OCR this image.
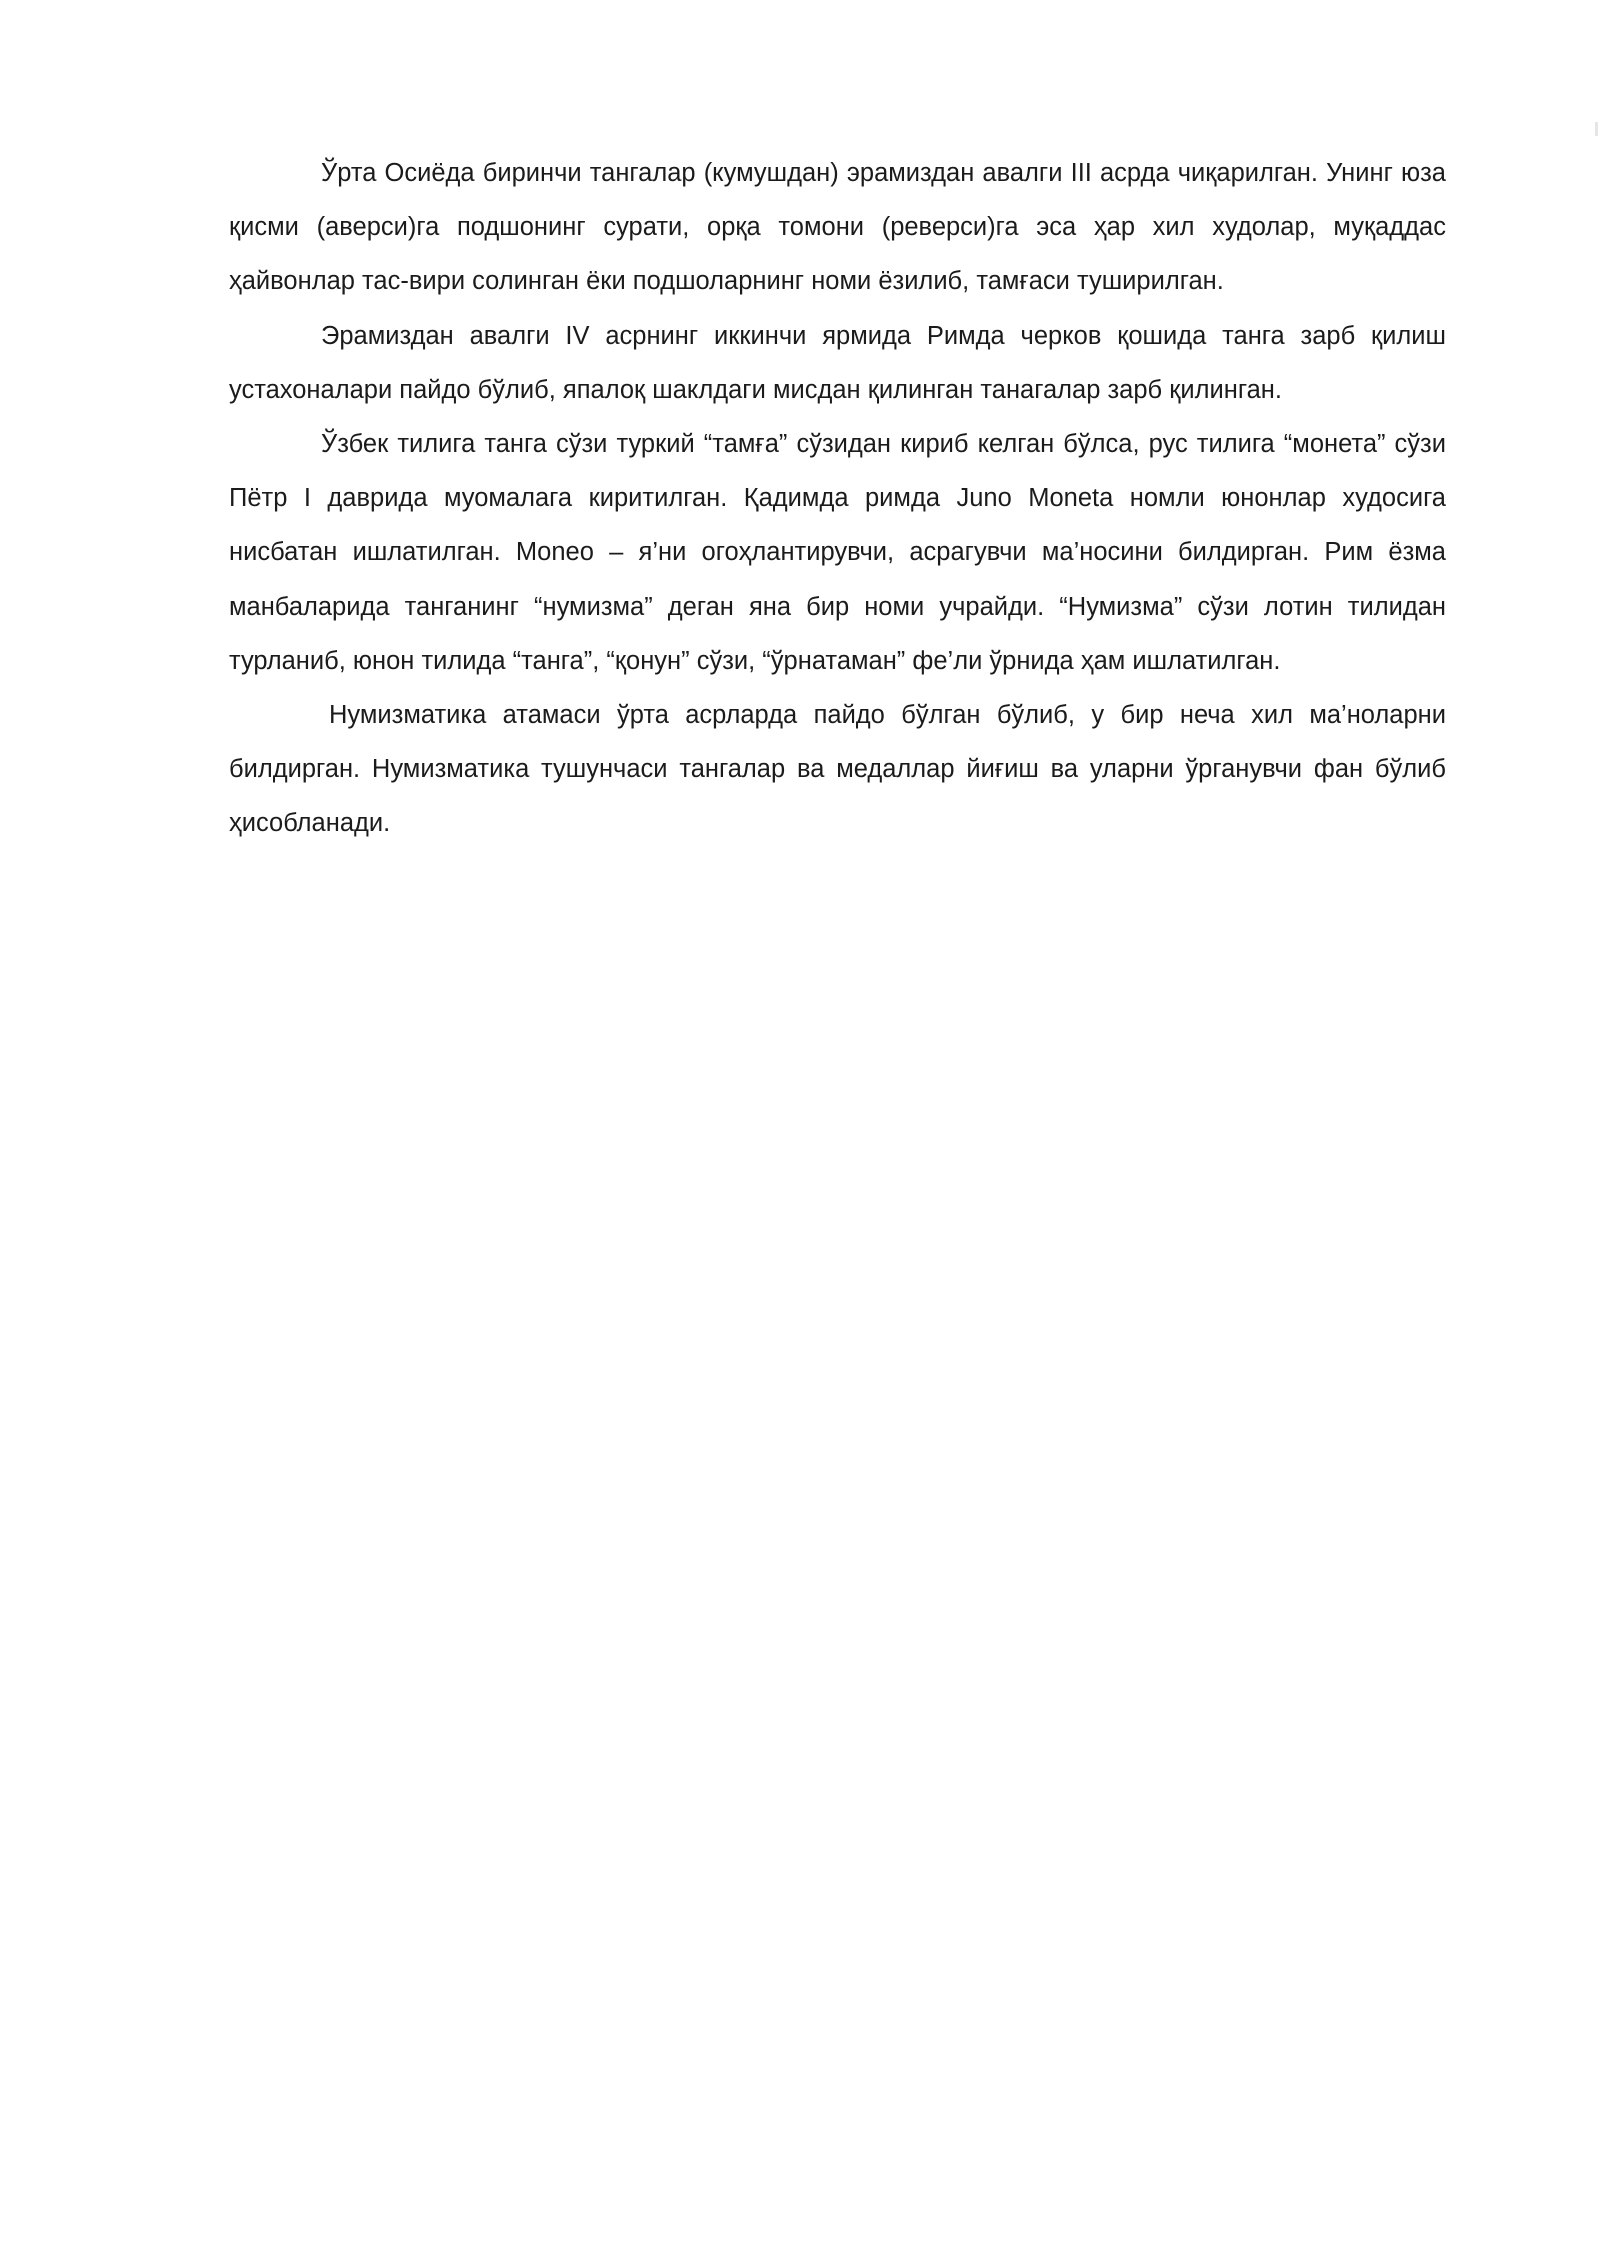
Ўрта Осиёда биринчи тангалар (кумушдан) эрамиздан авалги III асрда чиқарилган. Унинг юза қисми (аверси)га подшонинг сурати, орқа томони (реверси)га эса ҳар хил худолар, муқаддас ҳайвонлар тас-вири солинган ёки подшоларнинг номи ёзилиб, тамғаси туширилган.

Эрамиздан авалги IV асрнинг иккинчи ярмида Римда черков қошида танга зарб қилиш устахоналари пайдо бўлиб, япалоқ шаклдаги мисдан қилинган танагалар зарб қилинган.

Ўзбек тилига танга сўзи туркий “тамға” сўзидан кириб келган бўлса, рус тилига “монета” сўзи Пётр I даврида муомалага киритилган. Қадимда римда Juno Moneta номли юнонлар худосига нисбатан ишлатилган. Moneo – я’ни огоҳлантирувчи, асрагувчи ма’носини билдирган. Рим ёзма манбаларида танганинг “нумизма” деган яна бир номи учрайди. “Нумизма” сўзи лотин тилидан турланиб, юнон тилида “танга”, “қонун” сўзи, “ўрнатаман” фе’ли ўрнида ҳам ишлатилган.

Нумизматика атамаси ўрта асрларда пайдо бўлган бўлиб, у бир неча хил ма’ноларни билдирган. Нумизматика тушунчаси тангалар ва медаллар йиғиш ва уларни ўрганувчи фан бўлиб ҳисобланади.
